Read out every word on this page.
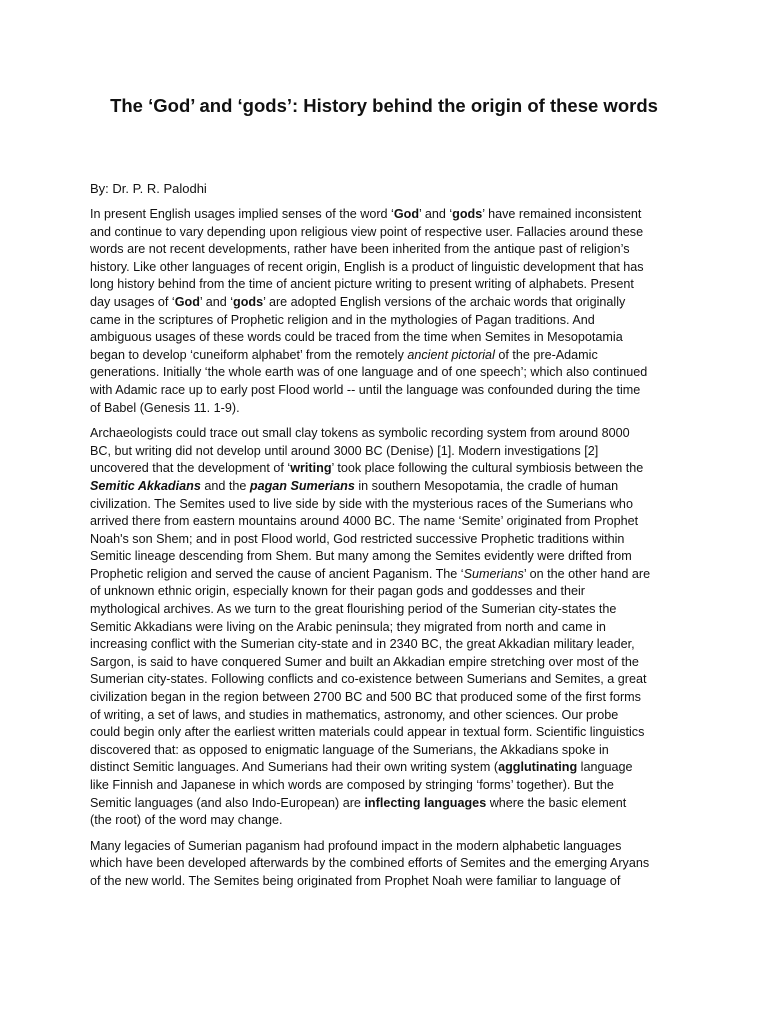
The ‘God’ and ‘gods’: History behind the origin of these words

By: Dr. P. R. Palodhi

In present English usages implied senses of the word ‘God’ and ‘gods’ have remained inconsistent
and continue to vary depending upon religious view point of respective user. Fallacies around these
words are not recent developments, rather have been inherited from the antique past of religion’s
history. Like other languages of recent origin, English is a product of linguistic development that has
long history behind from the time of ancient picture writing to present writing of alphabets. Present
day usages of ‘God’ and ‘gods’ are adopted English versions of the archaic words that originally
came in the scriptures of Prophetic religion and in the mythologies of Pagan traditions. And
ambiguous usages of these words could be traced from the time when Semites in Mesopotamia
began to develop ‘cuneiform alphabet’ from the remotely ancient pictorial of the pre-Adamic
generations. Initially ‘the whole earth was of one language and of one speech’; which also continued
with Adamic race up to early post Flood world -- until the language was confounded during the time
of Babel (Genesis 11. 1-9).

Archaeologists could trace out small clay tokens as symbolic recording system from around 8000
BC, but writing did not develop until around 3000 BC (Denise) [1]. Modern investigations [2]
uncovered that the development of ‘writing’ took place following the cultural symbiosis between the
Semitic Akkadians and the pagan Sumerians in southern Mesopotamia, the cradle of human
civilization. The Semites used to live side by side with the mysterious races of the Sumerians who
arrived there from eastern mountains around 4000 BC. The name ‘Semite’ originated from Prophet
Noah's son Shem; and in post Flood world, God restricted successive Prophetic traditions within
Semitic lineage descending from Shem. But many among the Semites evidently were drifted from
Prophetic religion and served the cause of ancient Paganism. The ‘Sumerians’ on the other hand are
of unknown ethnic origin, especially known for their pagan gods and goddesses and their
mythological archives. As we turn to the great flourishing period of the Sumerian city-states the
Semitic Akkadians were living on the Arabic peninsula; they migrated from north and came in
increasing conflict with the Sumerian city-state and in 2340 BC, the great Akkadian military leader,
Sargon, is said to have conquered Sumer and built an Akkadian empire stretching over most of the
Sumerian city-states. Following conflicts and co-existence between Sumerians and Semites, a great
civilization began in the region between 2700 BC and 500 BC that produced some of the first forms
of writing, a set of laws, and studies in mathematics, astronomy, and other sciences. Our probe
could begin only after the earliest written materials could appear in textual form. Scientific linguistics
discovered that: as opposed to enigmatic language of the Sumerians, the Akkadians spoke in
distinct Semitic languages. And Sumerians had their own writing system (agglutinating language
like Finnish and Japanese in which words are composed by stringing ‘forms’ together). But the
Semitic languages (and also Indo-European) are inflecting languages where the basic element
(the root) of the word may change.

Many legacies of Sumerian paganism had profound impact in the modern alphabetic languages
which have been developed afterwards by the combined efforts of Semites and the emerging Aryans
of the new world. The Semites being originated from Prophet Noah were familiar to language of
